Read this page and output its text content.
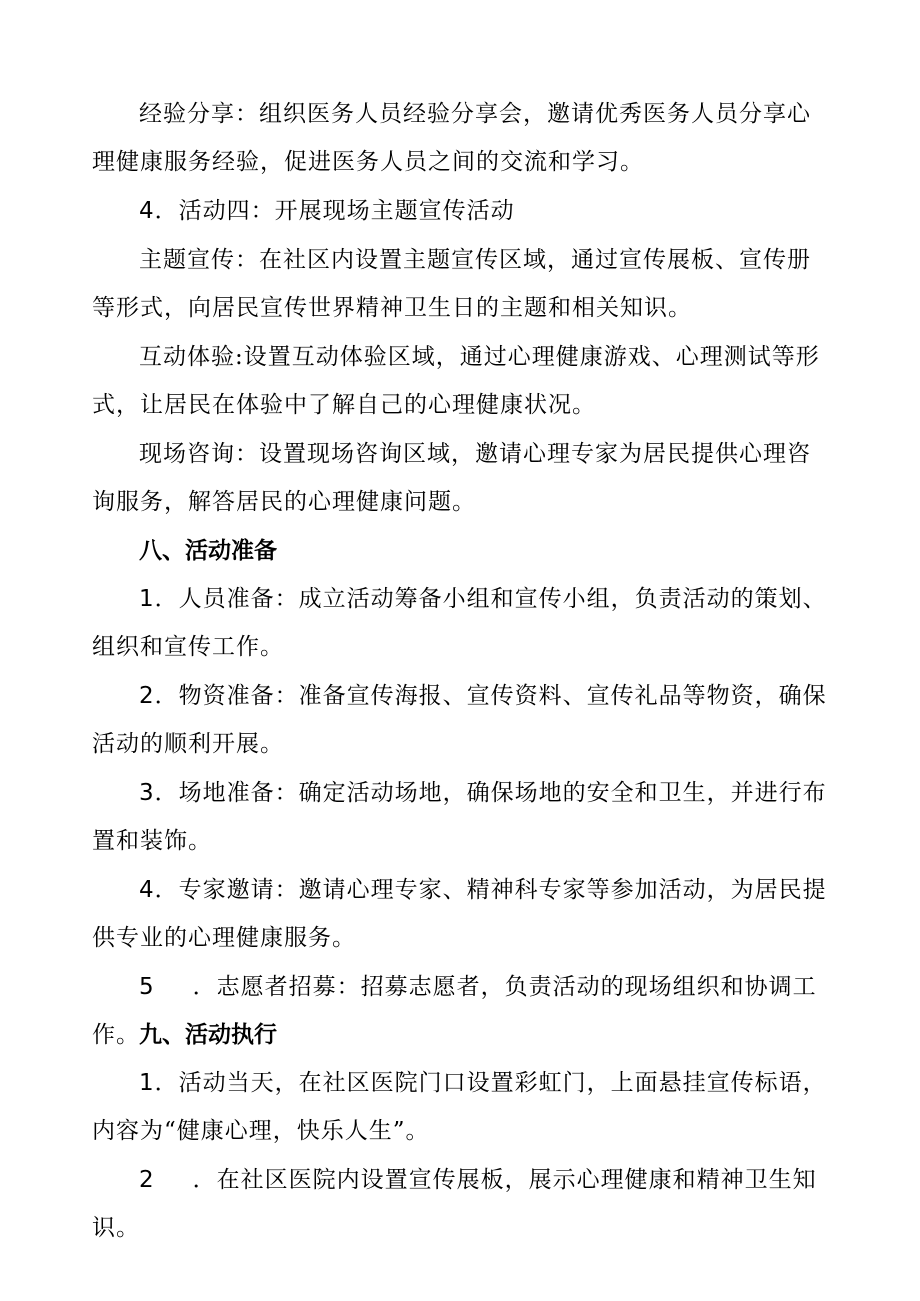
经验分享：组织医务人员经验分享会，邀请优秀医务人员分享心理健康服务经验，促进医务人员之间的交流和学习。

4．活动四：开展现场主题宣传活动

主题宣传：在社区内设置主题宣传区域，通过宣传展板、宣传册等形式，向居民宣传世界精神卫生日的主题和相关知识。

互动体验:设置互动体验区域，通过心理健康游戏、心理测试等形式，让居民在体验中了解自己的心理健康状况。

现场咨询：设置现场咨询区域，邀请心理专家为居民提供心理咨询服务，解答居民的心理健康问题。

八、活动准备

1．人员准备：成立活动筹备小组和宣传小组，负责活动的策划、组织和宣传工作。

2．物资准备：准备宣传海报、宣传资料、宣传礼品等物资，确保活动的顺利开展。

3．场地准备：确定活动场地，确保场地的安全和卫生，并进行布置和装饰。

4．专家邀请：邀请心理专家、精神科专家等参加活动，为居民提供专业的心理健康服务。

5 ．志愿者招募：招募志愿者，负责活动的现场组织和协调工作。 九、活动执行

1．活动当天，在社区医院门口设置彩虹门，上面悬挂宣传标语，内容为“健康心理，快乐人生”。

2 ．在社区医院内设置宣传展板，展示心理健康和精神卫生知识。
